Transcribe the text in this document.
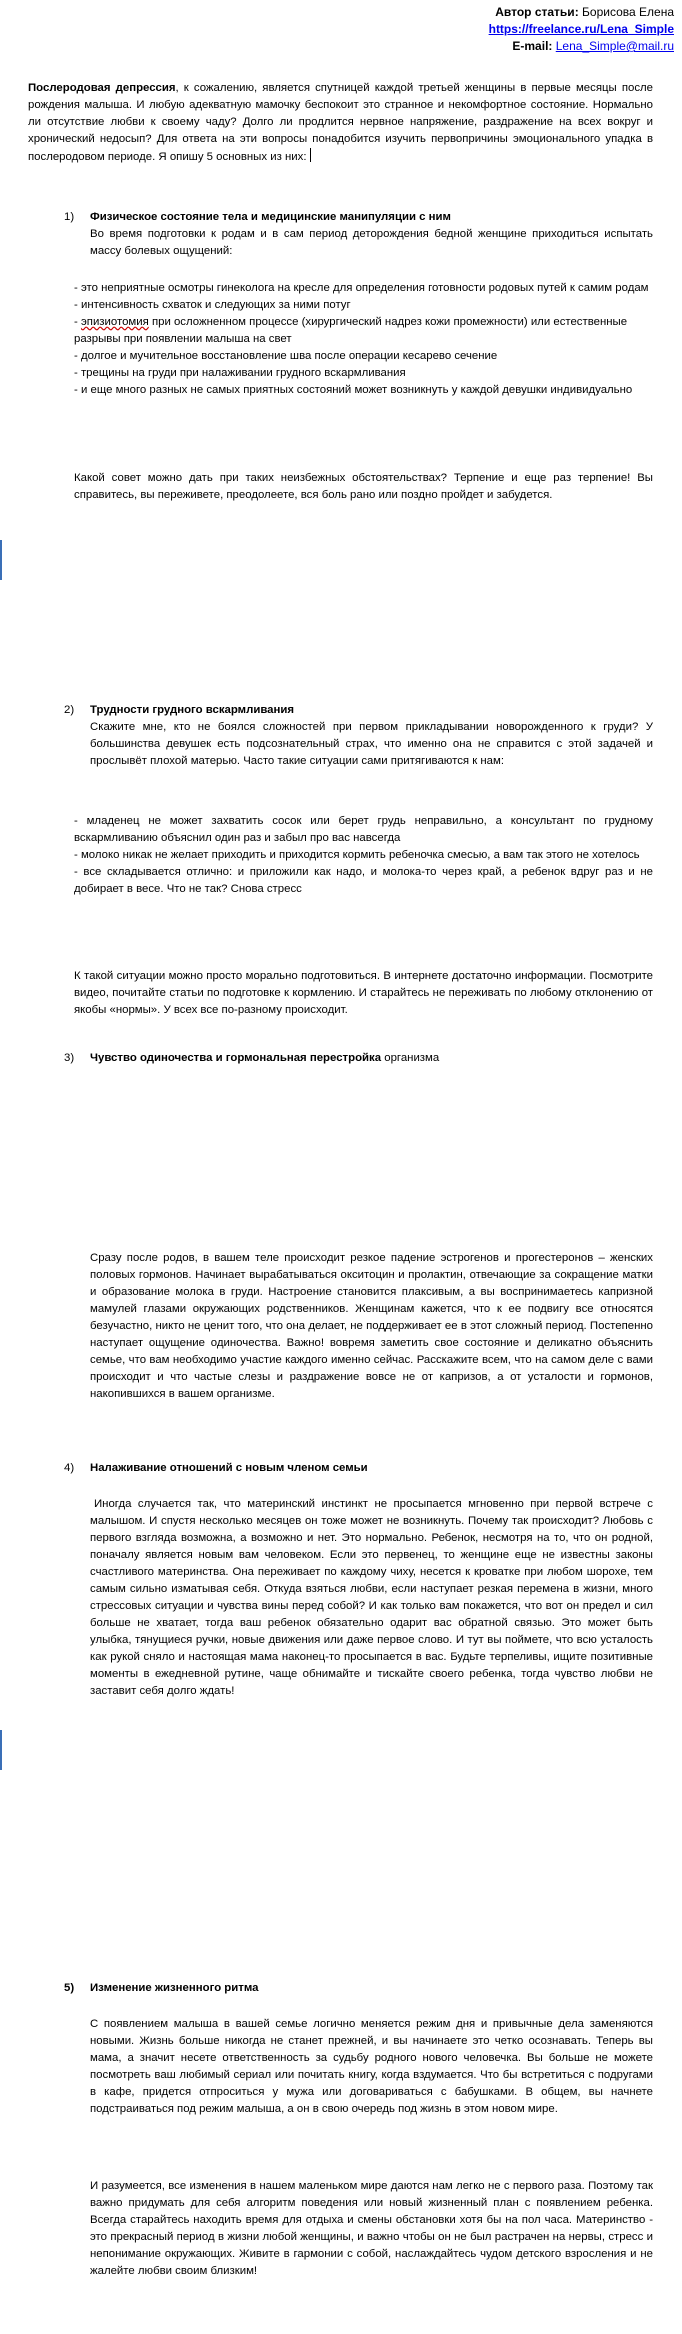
Автор статьи: Борисова Елена
https://freelance.ru/Lena_Simple
E-mail: Lena_Simple@mail.ru

Послеродовая депрессия, к сожалению, является спутницей каждой третьей женщины в первые месяцы после рождения малыша. И любую адекватную мамочку беспокоит это странное и некомфортное состояние. Нормально ли отсутствие любви к своему чаду? Долго ли продлится нервное напряжение, раздражение на всех вокруг и хронический недосып? Для ответа на эти вопросы понадобится изучить первопричины эмоционального упадка в послеродовом периоде. Я опишу 5 основных из них:

1) Физическое состояние тела и медицинские манипуляции с ним

Во время подготовки к родам и в сам период деторождения бедной женщине приходиться испытать массу болевых ощущений:

- это неприятные осмотры гинеколога на кресле для определения готовности родовых путей к самим родам

- интенсивность схваток и следующих за ними потуг

- эпизиотомия при осложненном процессе (хирургический надрез кожи промежности) или естественные разрывы при появлении малыша на свет

- долгое и мучительное восстановление шва после операции кесарево сечение

- трещины на груди при налаживании грудного вскармливания

- и еще много разных не самых приятных состояний может возникнуть у каждой девушки индивидуально

Какой совет можно дать при таких неизбежных обстоятельствах? Терпение и еще раз терпение! Вы справитесь, вы переживете, преодолеете, вся боль рано или поздно пройдет и забудется.

2) Трудности грудного вскармливания

Скажите мне, кто не боялся сложностей при первом прикладывании новорожденного к груди? У большинства девушек есть подсознательный страх, что именно она не справится с этой задачей и прослывёт плохой матерью. Часто такие ситуации сами притягиваются к нам:

- младенец не может захватить сосок или берет грудь неправильно, а консультант по грудному вскармливанию объяснил один раз и забыл про вас навсегда

- молоко никак не желает приходить и приходится кормить ребеночка смесью, а вам так этого не хотелось

- все складывается отлично: и приложили как надо, и молока-то через край, а ребенок вдруг раз и не добирает в весе. Что не так? Снова стресс

К такой ситуации можно просто морально подготовиться. В интернете достаточно информации. Посмотрите видео, почитайте статьи по подготовке к кормлению. И старайтесь не переживать по любому отклонению от якобы «нормы». У всех все по-разному происходит.

3) Чувство одиночества и гормональная перестройка организма

Сразу после родов, в вашем теле происходит резкое падение эстрогенов и прогестеронов – женских половых гормонов. Начинает вырабатываться окситоцин и пролактин, отвечающие за сокращение матки и образование молока в груди. Настроение становится плаксивым, а вы воспринимаетесь капризной мамулей глазами окружающих родственников. Женщинам кажется, что к ее подвигу все относятся безучастно, никто не ценит того, что она делает, не поддерживает ее в этот сложный период. Постепенно наступает ощущение одиночества. Важно! вовремя заметить свое состояние и деликатно объяснить семье, что вам необходимо участие каждого именно сейчас. Расскажите всем, что на самом деле с вами происходит и что частые слезы и раздражение вовсе не от капризов, а от усталости и гормонов, накопившихся в вашем организме.

4) Налаживание отношений с новым членом семьи

Иногда случается так, что материнский инстинкт не просыпается мгновенно при первой встрече с малышом. И спустя несколько месяцев он тоже может не возникнуть. Почему так происходит? Любовь с первого взгляда возможна, а возможно и нет. Это нормально. Ребенок, несмотря на то, что он родной, поначалу является новым вам человеком. Если это первенец, то женщине еще не известны законы счастливого материнства. Она переживает по каждому чиху, несется к кроватке при любом шорохе, тем самым сильно изматывая себя. Откуда взяться любви, если наступает резкая перемена в жизни, много стрессовых ситуации и чувства вины перед собой? И как только вам покажется, что вот он предел и сил больше не хватает, тогда ваш ребенок обязательно одарит вас обратной связью. Это может быть улыбка, тянущиеся ручки, новые движения или даже первое слово. И тут вы поймете, что всю усталость как рукой сняло и настоящая мама наконец-то просыпается в вас. Будьте терпеливы, ищите позитивные моменты в ежедневной рутине, чаще обнимайте и тискайте своего ребенка, тогда чувство любви не заставит себя долго ждать!

5) Изменение жизненного ритма

С появлением малыша в вашей семье логично меняется режим дня и привычные дела заменяются новыми. Жизнь больше никогда не станет прежней, и вы начинаете это четко осознавать. Теперь вы мама, а значит несете ответственность за судьбу родного нового человечка. Вы больше не можете посмотреть ваш любимый сериал или почитать книгу, когда вздумается. Что бы встретиться с подругами в кафе, придется отпроситься у мужа или договариваться с бабушками. В общем, вы начнете подстраиваться под режим малыша, а он в свою очередь под жизнь в этом новом мире.

И разумеется, все изменения в нашем маленьком мире даются нам легко не с первого раза. Поэтому так важно придумать для себя алгоритм поведения или новый жизненный план с появлением ребенка. Всегда старайтесь находить время для отдыха и смены обстановки хотя бы на пол часа. Материнство - это прекрасный период в жизни любой женщины, и важно чтобы он не был растрачен на нервы, стресс и непонимание окружающих. Живите в гармонии с собой, наслаждайтесь чудом детского взросления и не жалейте любви своим близким!
